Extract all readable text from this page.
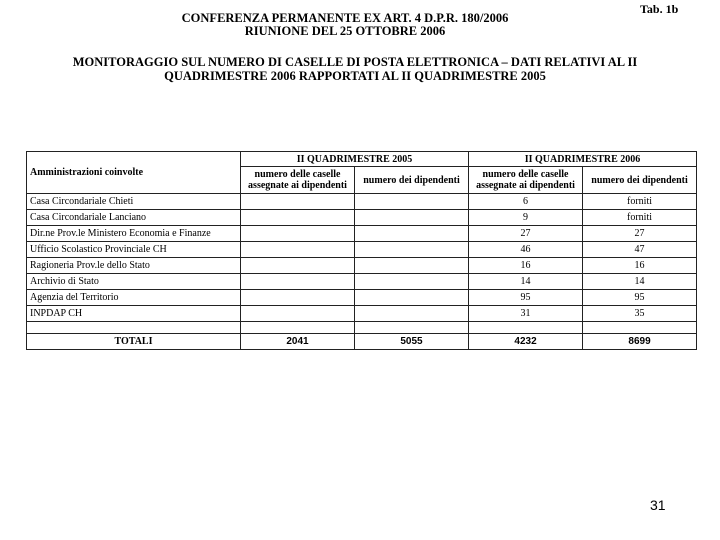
Tab. 1b
CONFERENZA PERMANENTE EX ART. 4 D.P.R. 180/2006
RIUNIONE DEL 25 OTTOBRE 2006
MONITORAGGIO SUL NUMERO DI CASELLE DI POSTA ELETTRONICA – DATI RELATIVI AL II
QUADRIMESTRE 2006 RAPPORTATI AL II QUADRIMESTRE 2005
Amministrazioni coinvolte	II QUADRIMESTRE 2005		II QUADRIMESTRE 2006	
	numero delle caselle assegnate ai dipendenti	numero dei dipendenti	numero delle caselle assegnate ai dipendenti	numero dei dipendenti
Casa Circondariale Chieti			6	forniti
Casa Circondariale Lanciano			9	forniti
Dir.ne Prov.le Ministero Economia e Finanze			27	27
Ufficio Scolastico Provinciale CH			46	47
Ragioneria Prov.le dello Stato			16	16
Archivio di Stato			14	14
Agenzia del Territorio			95	95
INPDAP CH			31	35

TOTALI	2041	5055	4232	8699
31
